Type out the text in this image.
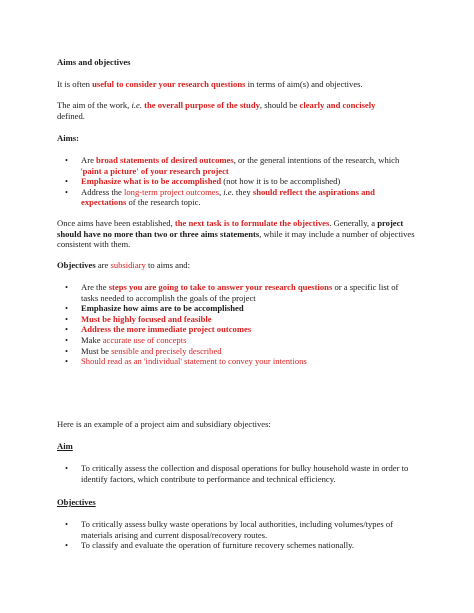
Aims and objectives

It is often useful to consider your research questions in terms of aim(s) and objectives.

The aim of the work, i.e. the overall purpose of the study, should be clearly and concisely
defined.

Aims:

• Are broad statements of desired outcomes, or the general intentions of the research, which 'paint a picture' of your research project
• Emphasize what is to be accomplished (not how it is to be accomplished)
• Address the long-term project outcomes, i.e. they should reflect the aspirations and expectations of the research topic.

Once aims have been established, the next task is to formulate the objectives. Generally, a project should have no more than two or three aims statements, while it may include a number of objectives consistent with them.

Objectives are subsidiary to aims and:

• Are the steps you are going to take to answer your research questions or a specific list of tasks needed to accomplish the goals of the project
• Emphasize how aims are to be accomplished
• Must be highly focused and feasible
• Address the more immediate project outcomes
• Make accurate use of concepts
• Must be sensible and precisely described
• Should read as an 'individual' statement to convey your intentions

Here is an example of a project aim and subsidiary objectives:

Aim

• To critically assess the collection and disposal operations for bulky household waste in order to identify factors, which contribute to performance and technical efficiency.

Objectives

• To critically assess bulky waste operations by local authorities, including volumes/types of materials arising and current disposal/recovery routes.
• To classify and evaluate the operation of furniture recovery schemes nationally.
